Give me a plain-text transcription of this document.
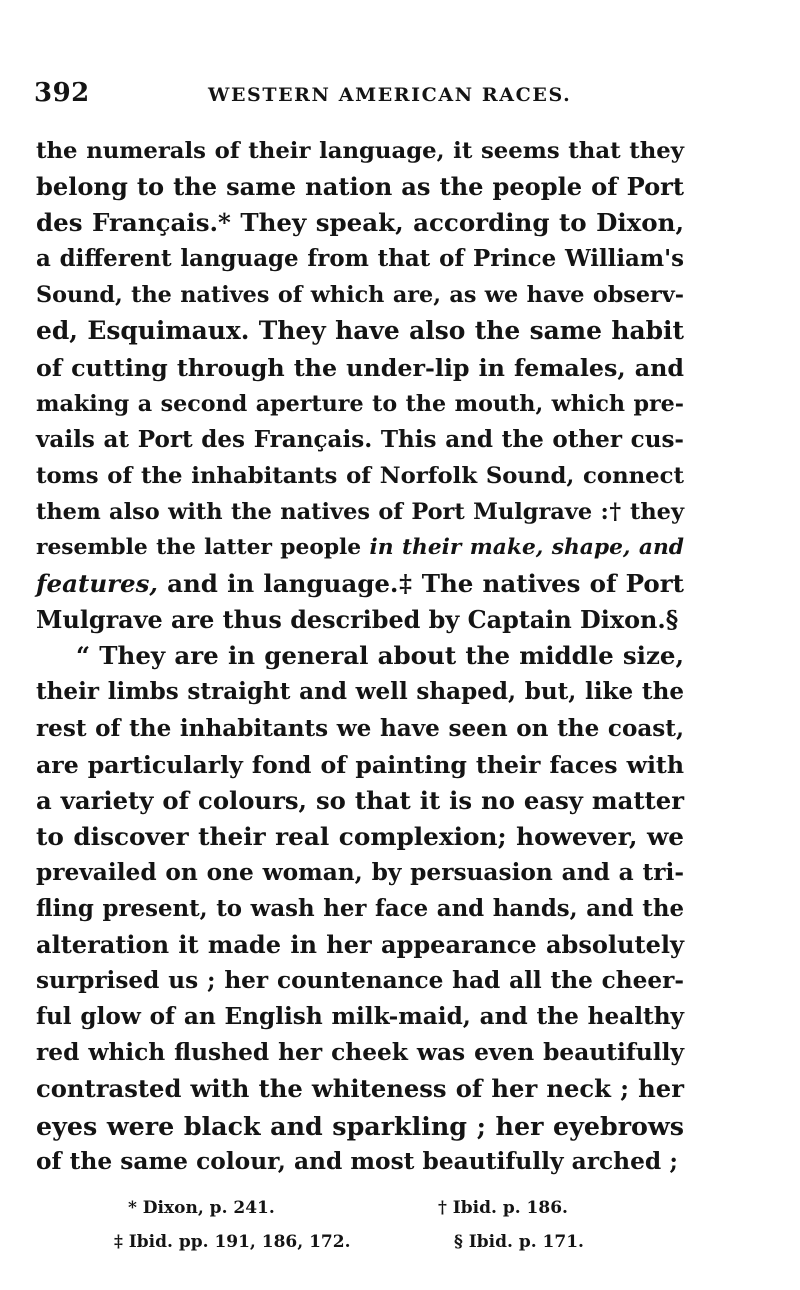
392	WESTERN AMERICAN RACES.
the numerals of their language, it seems that they
belong to the same nation as the people of Port
des Français.* They speak, according to Dixon,
a different language from that of Prince William's
Sound, the natives of which are, as we have observ-
ed, Esquimaux. They have also the same habit
of cutting through the under-lip in females, and
making a second aperture to the mouth, which pre-
vails at Port des Français. This and the other cus-
toms of the inhabitants of Norfolk Sound, connect
them also with the natives of Port Mulgrave :† they
resemble the latter people in their make, shape, and
features, and in language.‡ The natives of Port
Mulgrave are thus described by Captain Dixon.§
“ They are in general about the middle size,
their limbs straight and well shaped, but, like the
rest of the inhabitants we have seen on the coast,
are particularly fond of painting their faces with
a variety of colours, so that it is no easy matter
to discover their real complexion; however, we
prevailed on one woman, by persuasion and a tri-
fling present, to wash her face and hands, and the
alteration it made in her appearance absolutely
surprised us ; her countenance had all the cheer-
ful glow of an English milk-maid, and the healthy
red which flushed her cheek was even beautifully
contrasted with the whiteness of her neck ; her
eyes were black and sparkling ; her eyebrows
of the same colour, and most beautifully arched ;
* Dixon, p. 241.	† Ibid. p. 186.
‡ Ibid. pp. 191, 186, 172.	§ Ibid. p. 171.
